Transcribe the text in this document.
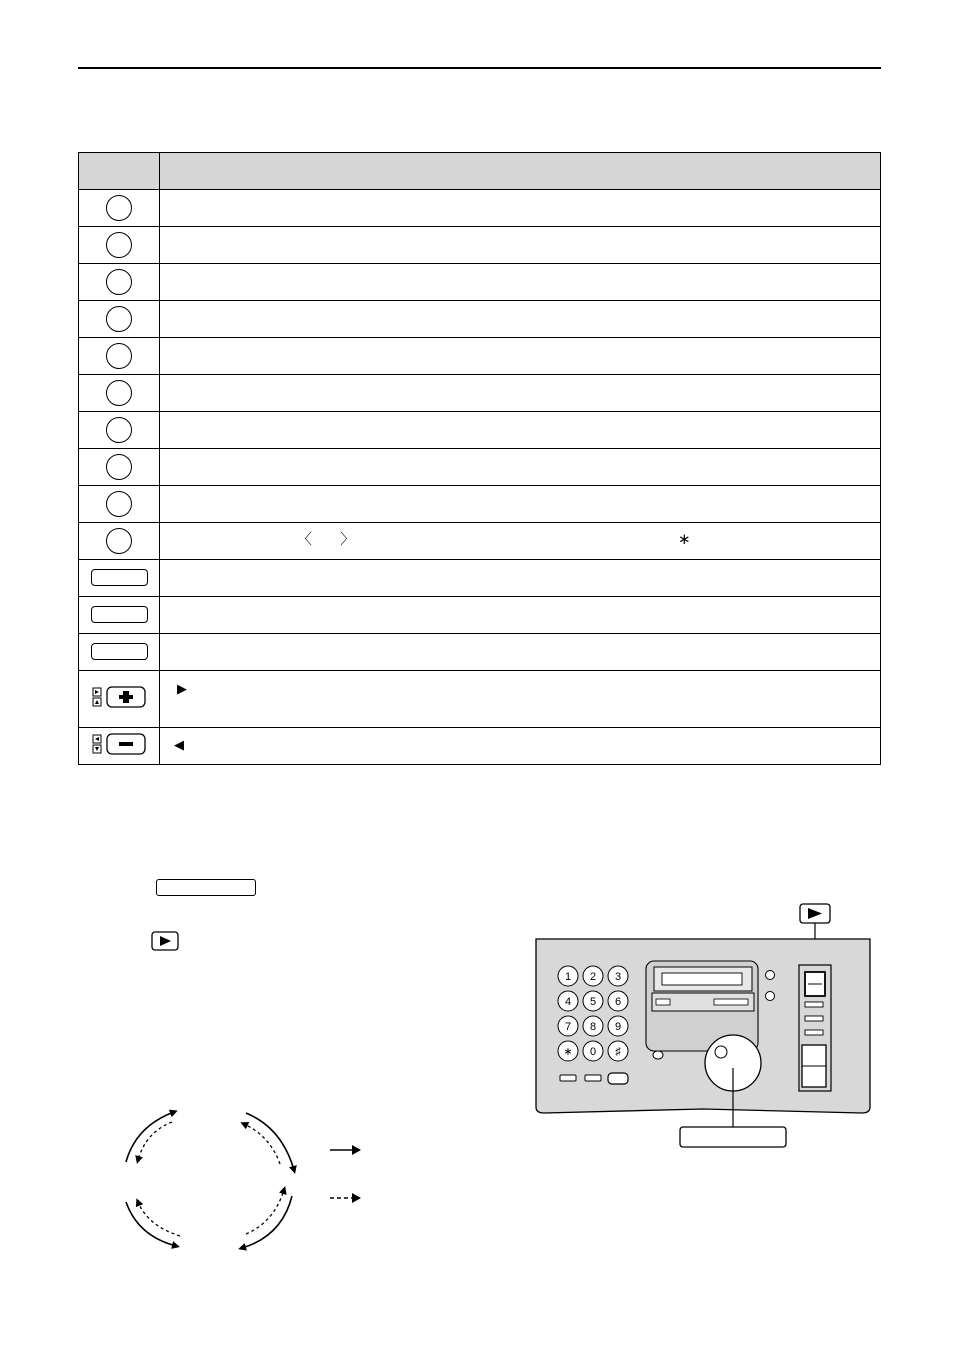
	〈 〉 ∗

▶

◀
1 2 3
4 5 6
7 8 9
∗ 0 ♯
